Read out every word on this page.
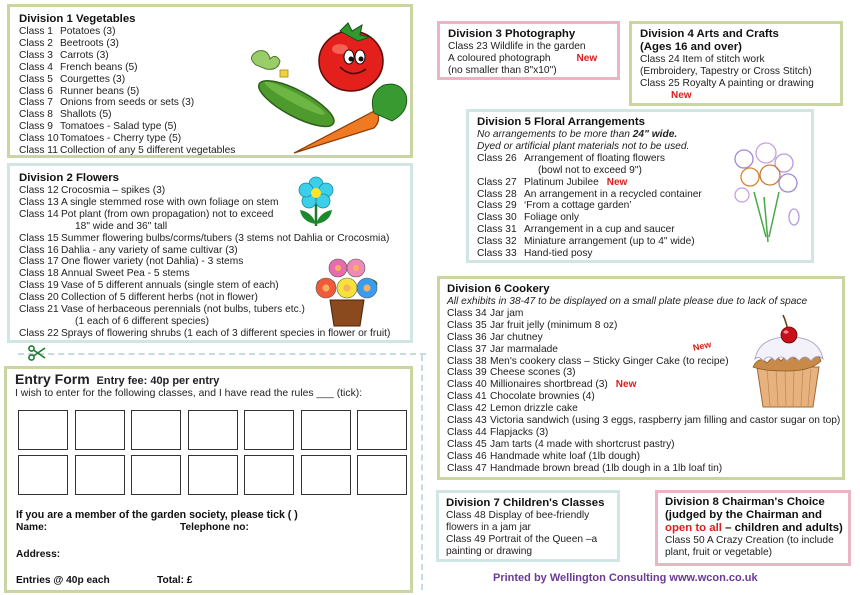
Division 1 Vegetables
Class 1 Potatoes (3)
Class 2 Beetroots (3)
Class 3 Carrots (3)
Class 4 French beans (5)
Class 5 Courgettes (3)
Class 6 Runner beans (5)
Class 7 Onions from seeds or sets (3)
Class 8 Shallots (5)
Class 9 Tomatoes - Salad type (5)
Class 10Tomatoes - Cherry type (5)
Class 11 Collection of any 5 different vegetables
Division 2 Flowers
Class 12 Crocosmia – spikes (3)
Class 13 A single stemmed rose with own foliage on stem
Class 14 Pot plant (from own propagation) not to exceed
18" wide and 36" tall
Class 15 Summer flowering bulbs/corms/tubers (3 stems not Dahlia or Crocosmia)
Class 16 Dahlia - any variety of same cultivar (3)
Class 17 One flower variety (not Dahlia) - 3 stems
Class 18 Annual Sweet Pea - 5 stems
Class 19 Vase of 5 different annuals (single stem of each)
Class 20 Collection of 5 different herbs (not in flower)
Class 21 Vase of herbaceous perennials (not bulbs, tubers etc.)
(1 each of 6 different species)
Class 22 Sprays of flowering shrubs (1 each of 3 different species in flower or fruit)
Entry Form Entry fee: 40p per entry
I wish to enter for the following classes, and I have read the rules ___ (tick):
If you are a member of the garden society, please tick ( )
Name:	Telephone no:
Address:
Entries @ 40p each	Total: £
Division 3 Photography
Class 23 Wildlife in the garden
A coloured photograph	New
(no smaller than 8"x10")
Division 4 Arts and Crafts
(Ages 16 and over)
Class 24 Item of stitch work
(Embroidery, Tapestry or Cross Stitch)
Class 25 Royalty A painting or drawing
New
Division 5 Floral Arrangements
No arrangements to be more than 24" wide.
Dyed or artificial plant materials not to be used.
Class 26 Arrangement of floating flowers
(bowl not to exceed 9")
Class 27 Platinum Jubilee New
Class 28 An arrangement in a recycled container
Class 29 ‘From a cottage garden’
Class 30 Foliage only
Class 31 Arrangement in a cup and saucer
Class 32 Miniature arrangement (up to 4" wide)
Class 33 Hand-tied posy
Division 6 Cookery
All exhibits in 38-47 to be displayed on a small plate please due to lack of space
Class 34 Jar jam
Class 35 Jar fruit jelly (minimum 8 oz)
Class 36 Jar chutney
Class 37 Jar marmalade
Class 38 Men's cookery class – Sticky Ginger Cake (to recipe)
Class 39 Cheese scones (3)
Class 40 Millionaires shortbread (3) New
Class 41 Chocolate brownies (4)
Class 42 Lemon drizzle cake
Class 43 Victoria sandwich (using 3 eggs, raspberry jam filling and castor sugar on top)
Class 44 Flapjacks (3)
Class 45 Jam tarts (4 made with shortcrust pastry)
Class 46 Handmade white loaf (1lb dough)
Class 47 Handmade brown bread (1lb dough in a 1lb loaf tin)
New
Division 7 Children's Classes
Class 48 Display of bee-friendly
flowers in a jam jar
Class 49 Portrait of the Queen –a
painting or drawing
Division 8 Chairman's Choice
(judged by the Chairman and
open to all – children and adults)
Class 50 A Crazy Creation (to include
plant, fruit or vegetable)
Printed by Wellington Consulting www.wcon.co.uk
